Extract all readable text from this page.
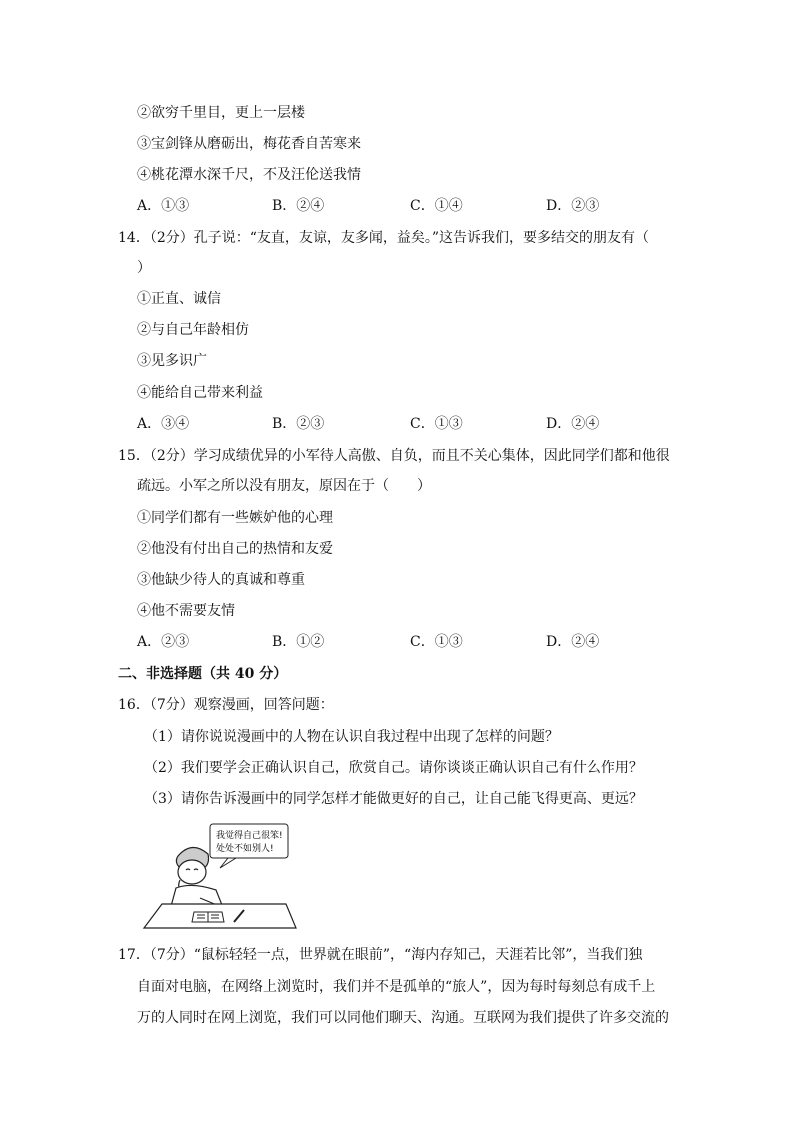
②欲穷千里目，更上一层楼
③宝剑锋从磨砺出，梅花香自苦寒来
④桃花潭水深千尺，不及汪伦送我情
A．①③	B．②④	C．①④	D．②③
14．（2分）孔子说：“友直，友谅，友多闻，益矣。”这告诉我们，要多结交的朋友有（
）
①正直、诚信
②与自己年龄相仿
③见多识广
④能给自己带来利益
A．③④	B．②③	C．①③	D．②④
15．（2分）学习成绩优异的小军待人高傲、自负，而且不关心集体，因此同学们都和他很
疏远。小军之所以没有朋友，原因在于（　　）
①同学们都有一些嫉妒他的心理
②他没有付出自己的热情和友爱
③他缺少待人的真诚和尊重
④他不需要友情
A．②③	B．①②	C．①③	D．②④
二、非选择题（共 40 分）
16．（7分）观察漫画，回答问题：
（1）请你说说漫画中的人物在认识自我过程中出现了怎样的问题？
（2）我们要学会正确认识自己，欣赏自己。请你谈谈正确认识自己有什么作用？
（3）请你告诉漫画中的同学怎样才能做更好的自己，让自己能飞得更高、更远？
我觉得自己很笨!
处处不如别人!
17．（7分）“鼠标轻轻一点，世界就在眼前”，“海内存知己，天涯若比邻”，当我们独
自面对电脑，在网络上浏览时，我们并不是孤单的“旅人”，因为每时每刻总有成千上
万的人同时在网上浏览，我们可以同他们聊天、沟通。互联网为我们提供了许多交流的
